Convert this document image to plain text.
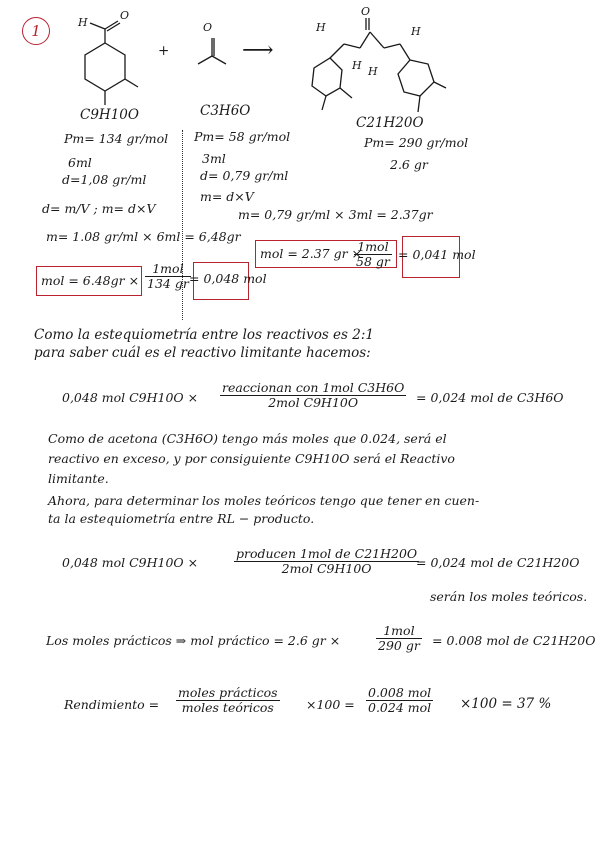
1	H
O
+
O
⟶
O
H	H
H H
C9H10O
Pm= 134 gr/mol
6ml
d=1,08 gr/ml
d= m/V ; m= d×V
m= 1.08 gr/ml × 6ml = 6,48gr
mol = 6.48gr ×
1mol
134 gr = 0,048 mol
C3H6O
Pm= 58 gr/mol
3ml
d= 0,79 gr/ml
m= d×V
m= 0,79 gr/ml × 3ml = 2.37gr
mol = 2.37 gr ×
1mol
58 gr = 0,041 mol
C21H20O
Pm= 290 gr/mol
2.6 gr
Como la estequiometría entre los reactivos es 2:1
para saber cuál es el reactivo limitante hacemos:
0,048 mol C9H10O ×
reaccionan con 1mol C3H6O
2mol C9H10O	= 0,024 mol de C3H6O
Como de acetona (C3H6O) tengo más moles que 0.024, será el
reactivo en exceso, y por consiguiente C9H10O será el Reactivo
limitante.
Ahora, para determinar los moles teóricos tengo que tener en cuen-
ta la estequiometría entre RL − producto.
0,048 mol C9H10O ×
producen 1mol de C21H20O
2mol C9H10O	= 0,024 mol de C21H20O
serán los moles teóricos.
Los moles prácticos ⇒ mol práctico = 2.6 gr ×
1mol
290 gr = 0.008 mol de C21H20O
Rendimiento =
moles prácticos
moles teóricos	×100 =
0.008 mol
0.024 mol ×100 = 37 %
